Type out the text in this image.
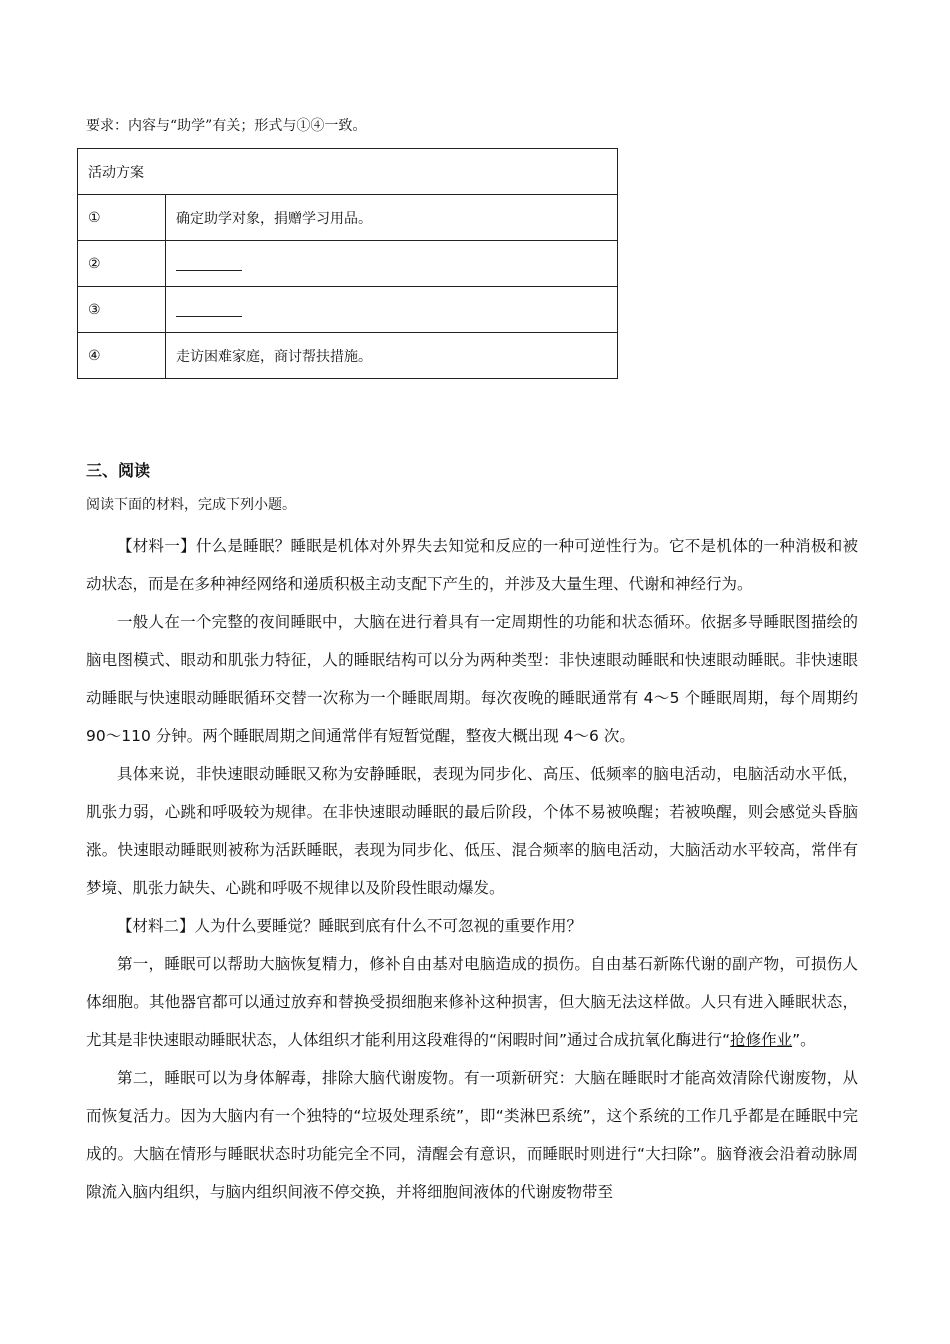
要求：内容与“助学”有关；形式与①④一致。
活动方案	
①	确定助学对象，捐赠学习用品。
②	
③	
④	走访困难家庭，商讨帮扶措施。
三、阅读
阅读下面的材料，完成下列小题。

【材料一】什么是睡眠？睡眠是机体对外界失去知觉和反应的一种可逆性行为。它不是机体的一种消极和被动状态，而是在多种神经网络和递质积极主动支配下产生的，并涉及大量生理、代谢和神经行为。

一般人在一个完整的夜间睡眠中，大脑在进行着具有一定周期性的功能和状态循环。依据多导睡眠图描绘的脑电图模式、眼动和肌张力特征，人的睡眠结构可以分为两种类型：非快速眼动睡眠和快速眼动睡眠。非快速眼动睡眠与快速眼动睡眠循环交替一次称为一个睡眠周期。每次夜晚的睡眠通常有 4～5 个睡眠周期，每个周期约 90～110 分钟。两个睡眠周期之间通常伴有短暂觉醒，整夜大概出现 4～6 次。

具体来说，非快速眼动睡眠又称为安静睡眠，表现为同步化、高压、低频率的脑电活动，电脑活动水平低，肌张力弱，心跳和呼吸较为规律。在非快速眼动睡眠的最后阶段，个体不易被唤醒；若被唤醒，则会感觉头昏脑涨。快速眼动睡眠则被称为活跃睡眠，表现为同步化、低压、混合频率的脑电活动，大脑活动水平较高，常伴有梦境、肌张力缺失、心跳和呼吸不规律以及阶段性眼动爆发。

【材料二】人为什么要睡觉？睡眠到底有什么不可忽视的重要作用？

第一，睡眠可以帮助大脑恢复精力，修补自由基对电脑造成的损伤。自由基石新陈代谢的副产物，可损伤人体细胞。其他器官都可以通过放弃和替换受损细胞来修补这种损害，但大脑无法这样做。人只有进入睡眠状态，尤其是非快速眼动睡眠状态，人体组织才能利用这段难得的“闲暇时间”通过合成抗氧化酶进行“抢修作业”。

第二，睡眠可以为身体解毒，排除大脑代谢废物。有一项新研究：大脑在睡眠时才能高效清除代谢废物，从而恢复活力。因为大脑内有一个独特的“垃圾处理系统”，即“类淋巴系统”，这个系统的工作几乎都是在睡眠中完成的。大脑在情形与睡眠状态时功能完全不同，清醒会有意识，而睡眠时则进行“大扫除”。脑脊液会沿着动脉周隙流入脑内组织，与脑内组织间液不停交换，并将细胞间液体的代谢废物带至
